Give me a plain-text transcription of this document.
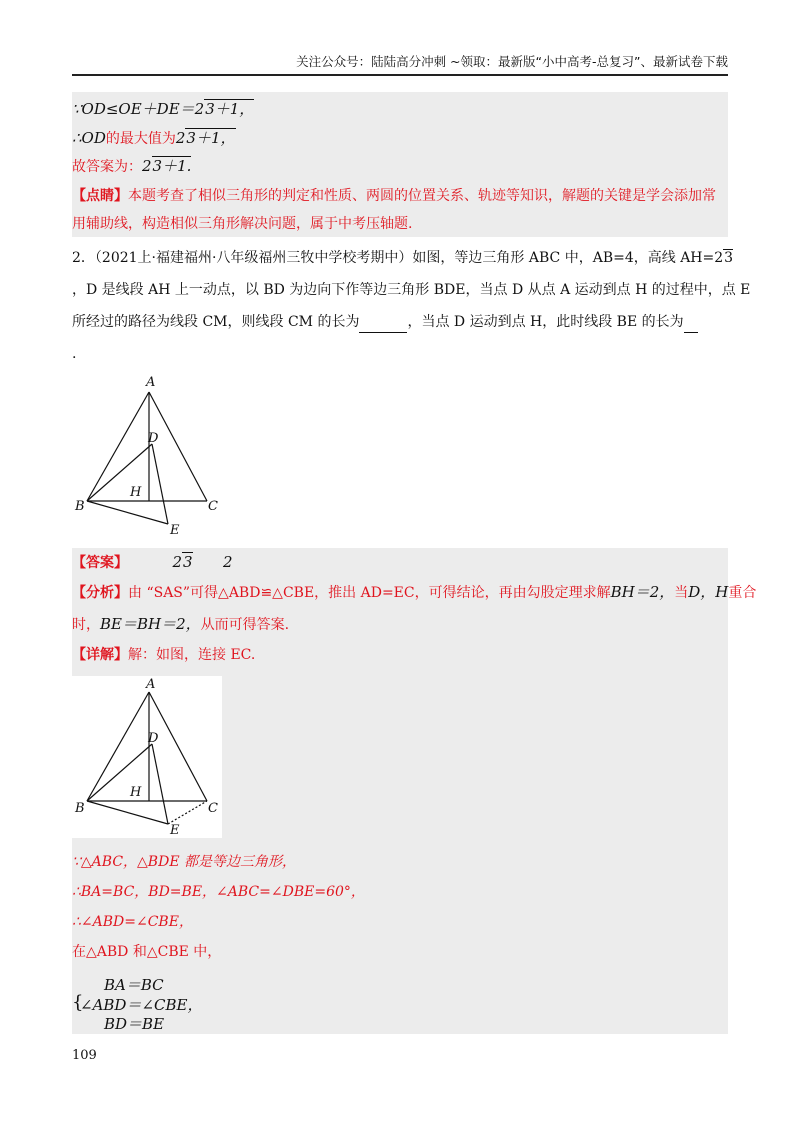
关注公众号：陆陆高分冲刺 ~领取：最新版“小中高考-总复习”、最新试卷下载
∵OD≤OE＋DE＝23＋1，
∴OD的最大值为23＋1，
故答案为：23＋1.
【点睛】本题考查了相似三角形的判定和性质、两圆的位置关系、轨迹等知识，解题的关键是学会添加常
用辅助线，构造相似三角形解决问题，属于中考压轴题.
2．（2021上·福建福州·八年级福州三牧中学校考期中）如图，等边三角形 ABC 中，AB=4，高线 AH=23
，D 是线段 AH 上一动点，以 BD 为边向下作等边三角形 BDE，当点 D 从点 A 运动到点 H 的过程中，点 E
所经过的路径为线段 CM，则线段 CM 的长为	，当点 D 运动到点 H，此时线段 BE 的长为
.
A
B	C
D
H
E
【答案】	23 2
【分析】由 “SAS”可得△ABD≌△CBE，推出 AD=EC，可得结论，再由勾股定理求解BH＝2，当D，H重合
时，BE＝BH＝2，从而可得答案.
【详解】解：如图，连接 EC.
A
B	C
D
H
E
∵△ABC，△BDE 都是等边三角形，
∴BA=BC，BD=BE，∠ABC=∠DBE=60°，
∴∠ABD=∠CBE，
在△ABD 和△CBE 中，
{
BA＝BC
∠ABD＝∠CBE，
BD＝BE
109
